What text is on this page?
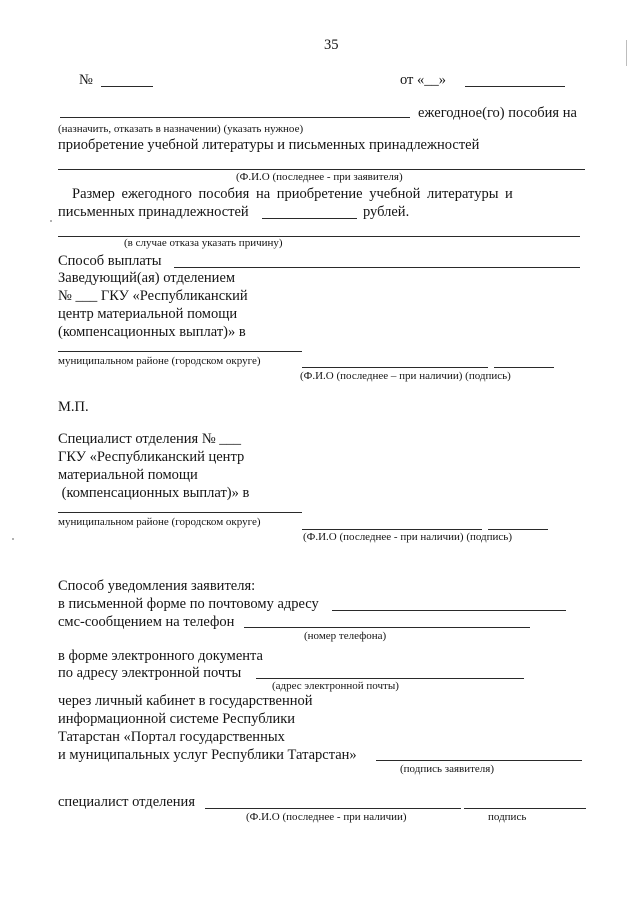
35
№	от «__»
ежегодное(го) пособия на
(назначить, отказать в назначении) (указать нужное)
приобретение учебной литературы и письменных принадлежностей
(Ф.И.О (последнее - при заявителя)
Размер ежегодного пособия на приобретение учебной литературы и
письменных принадлежностей	рублей.
(в случае отказа указать причину)
Способ выплаты
Заведующий(ая) отделением
№ ___ ГКУ «Республиканский
центр материальной помощи
(компенсационных выплат)» в
муниципальном районе (городском округе)
(Ф.И.О (последнее – при наличии) (подпись)
М.П.
Специалист отделения № ___
ГКУ «Республиканский центр
материальной помощи
(компенсационных выплат)» в
муниципальном районе (городском округе)
(Ф.И.О (последнее - при наличии) (подпись)
Способ уведомления заявителя:
в письменной форме по почтовому адресу
смс-сообщением на телефон
(номер телефона)
в форме электронного документа
по адресу электронной почты
(адрес электронной почты)
через личный кабинет в государственной
информационной системе Республики
Татарстан «Портал государственных
и муниципальных услуг Республики Татарстан»
(подпись заявителя)
специалист отделения
(Ф.И.О (последнее - при наличии)	подпись
